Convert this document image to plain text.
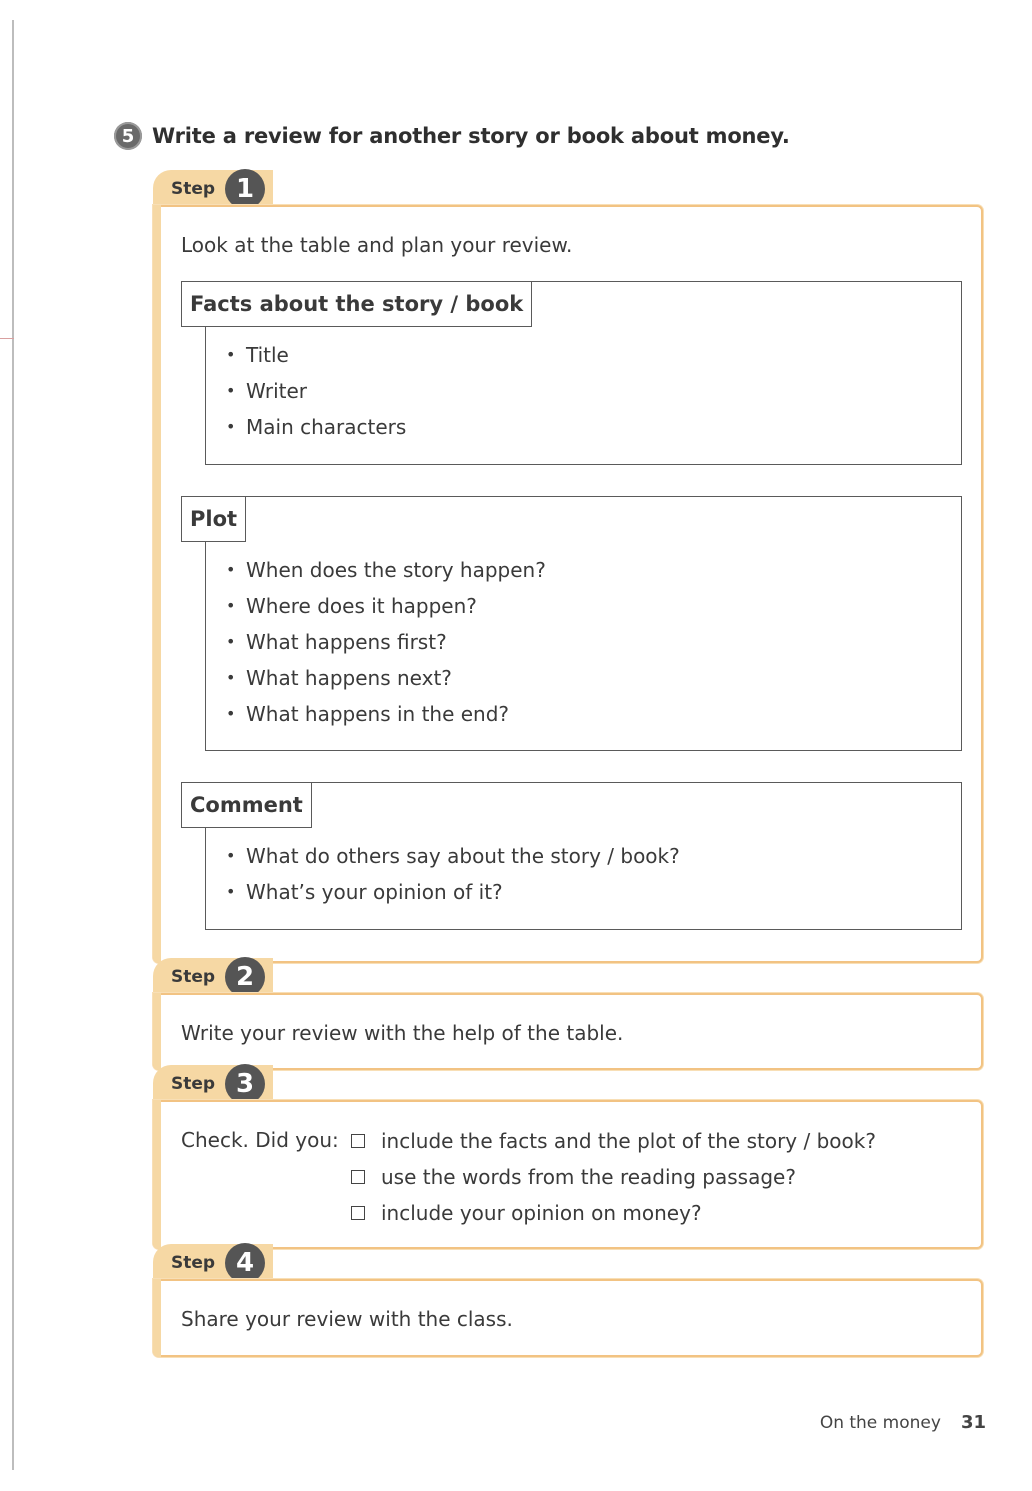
5 Write a review for another story or book about money.
Step 1
Look at the table and plan your review.
Facts about the story / book
• Title
• Writer
• Main characters
Plot
• When does the story happen?
• Where does it happen?
• What happens first?
• What happens next?
• What happens in the end?
Comment
• What do others say about the story / book?
• What’s your opinion of it?
Step 2
Write your review with the help of the table.
Step 3
Check. Did you: include the facts and the plot of the story / book?
use the words from the reading passage?
include your opinion on money?
Step 4
Share your review with the class.
On the money 31
